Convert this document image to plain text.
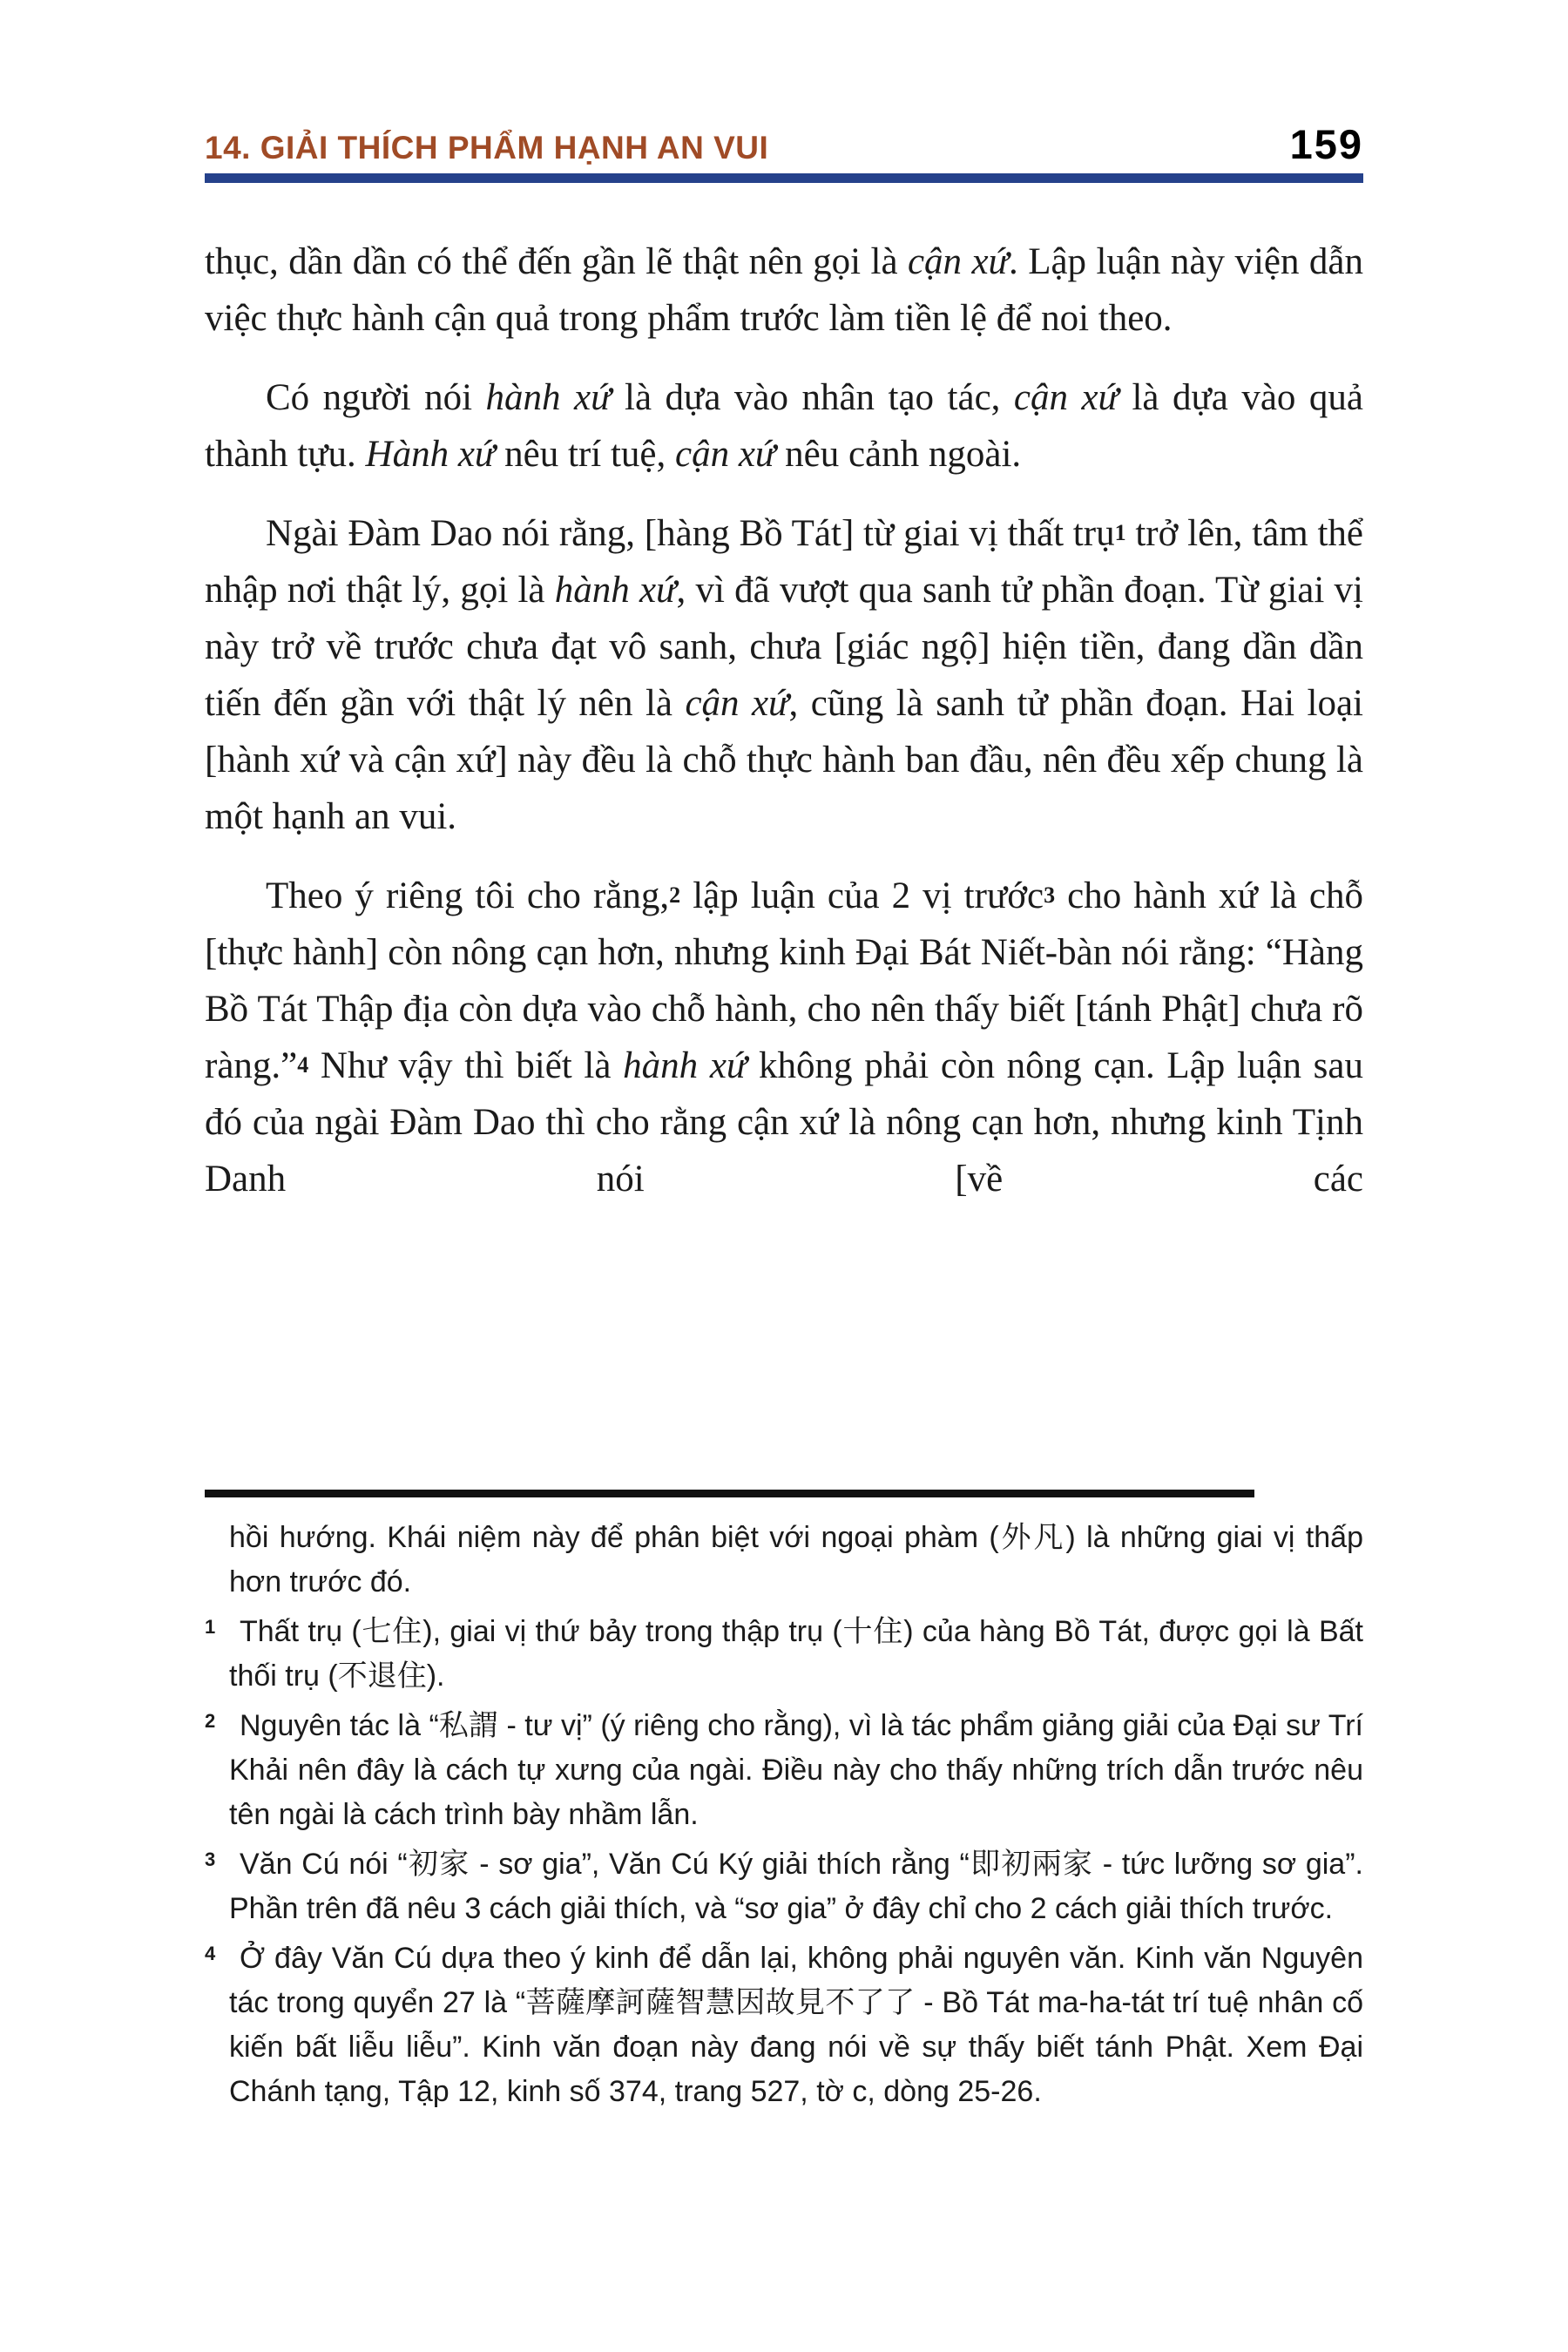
14. GIẢI THÍCH PHẨM HẠNH AN VUI	159

thục, dần dần có thể đến gần lẽ thật nên gọi là cận xứ. Lập luận này viện dẫn việc thực hành cận quả trong phẩm trước làm tiền lệ để noi theo.

Có người nói hành xứ là dựa vào nhân tạo tác, cận xứ là dựa vào quả thành tựu. Hành xứ nêu trí tuệ, cận xứ nêu cảnh ngoài.

Ngài Đàm Dao nói rằng, [hàng Bồ Tát] từ giai vị thất trụ$^1$ trở lên, tâm thể nhập nơi thật lý, gọi là hành xứ, vì đã vượt qua sanh tử phần đoạn. Từ giai vị này trở về trước chưa đạt vô sanh, chưa [giác ngộ] hiện tiền, đang dần dần tiến đến gần với thật lý nên là cận xứ, cũng là sanh tử phần đoạn. Hai loại [hành xứ và cận xứ] này đều là chỗ thực hành ban đầu, nên đều xếp chung là một hạnh an vui.

Theo ý riêng tôi cho rằng,$^2$ lập luận của 2 vị trước$^3$ cho hành xứ là chỗ [thực hành] còn nông cạn hơn, nhưng kinh Đại Bát Niết-bàn nói rằng: “Hàng Bồ Tát Thập địa còn dựa vào chỗ hành, cho nên thấy biết [tánh Phật] chưa rõ ràng.”$^4$ Như vậy thì biết là hành xứ không phải còn nông cạn. Lập luận sau đó của ngài Đàm Dao thì cho rằng cận xứ là nông cạn hơn, nhưng kinh Tịnh Danh nói [về các

hồi hướng. Khái niệm này để phân biệt với ngoại phàm (外凡) là những giai vị thấp hơn trước đó.

1 Thất trụ (七住), giai vị thứ bảy trong thập trụ (十住) của hàng Bồ Tát, được gọi là Bất thối trụ (不退住).

2 Nguyên tác là “私謂 - tư vị” (ý riêng cho rằng), vì là tác phẩm giảng giải của Đại sư Trí Khải nên đây là cách tự xưng của ngài. Điều này cho thấy những trích dẫn trước nêu tên ngài là cách trình bày nhầm lẫn.

3 Văn Cú nói “初家 - sơ gia”, Văn Cú Ký giải thích rằng “即初兩家 - tức lưỡng sơ gia”. Phần trên đã nêu 3 cách giải thích, và “sơ gia” ở đây chỉ cho 2 cách giải thích trước.

4 Ở đây Văn Cú dựa theo ý kinh để dẫn lại, không phải nguyên văn. Kinh văn Nguyên tác trong quyển 27 là “菩薩摩訶薩智慧因故見不了了 - Bồ Tát ma-ha-tát trí tuệ nhân cố kiến bất liễu liễu”. Kinh văn đoạn này đang nói về sự thấy biết tánh Phật. Xem Đại Chánh tạng, Tập 12, kinh số 374, trang 527, tờ c, dòng 25-26.
